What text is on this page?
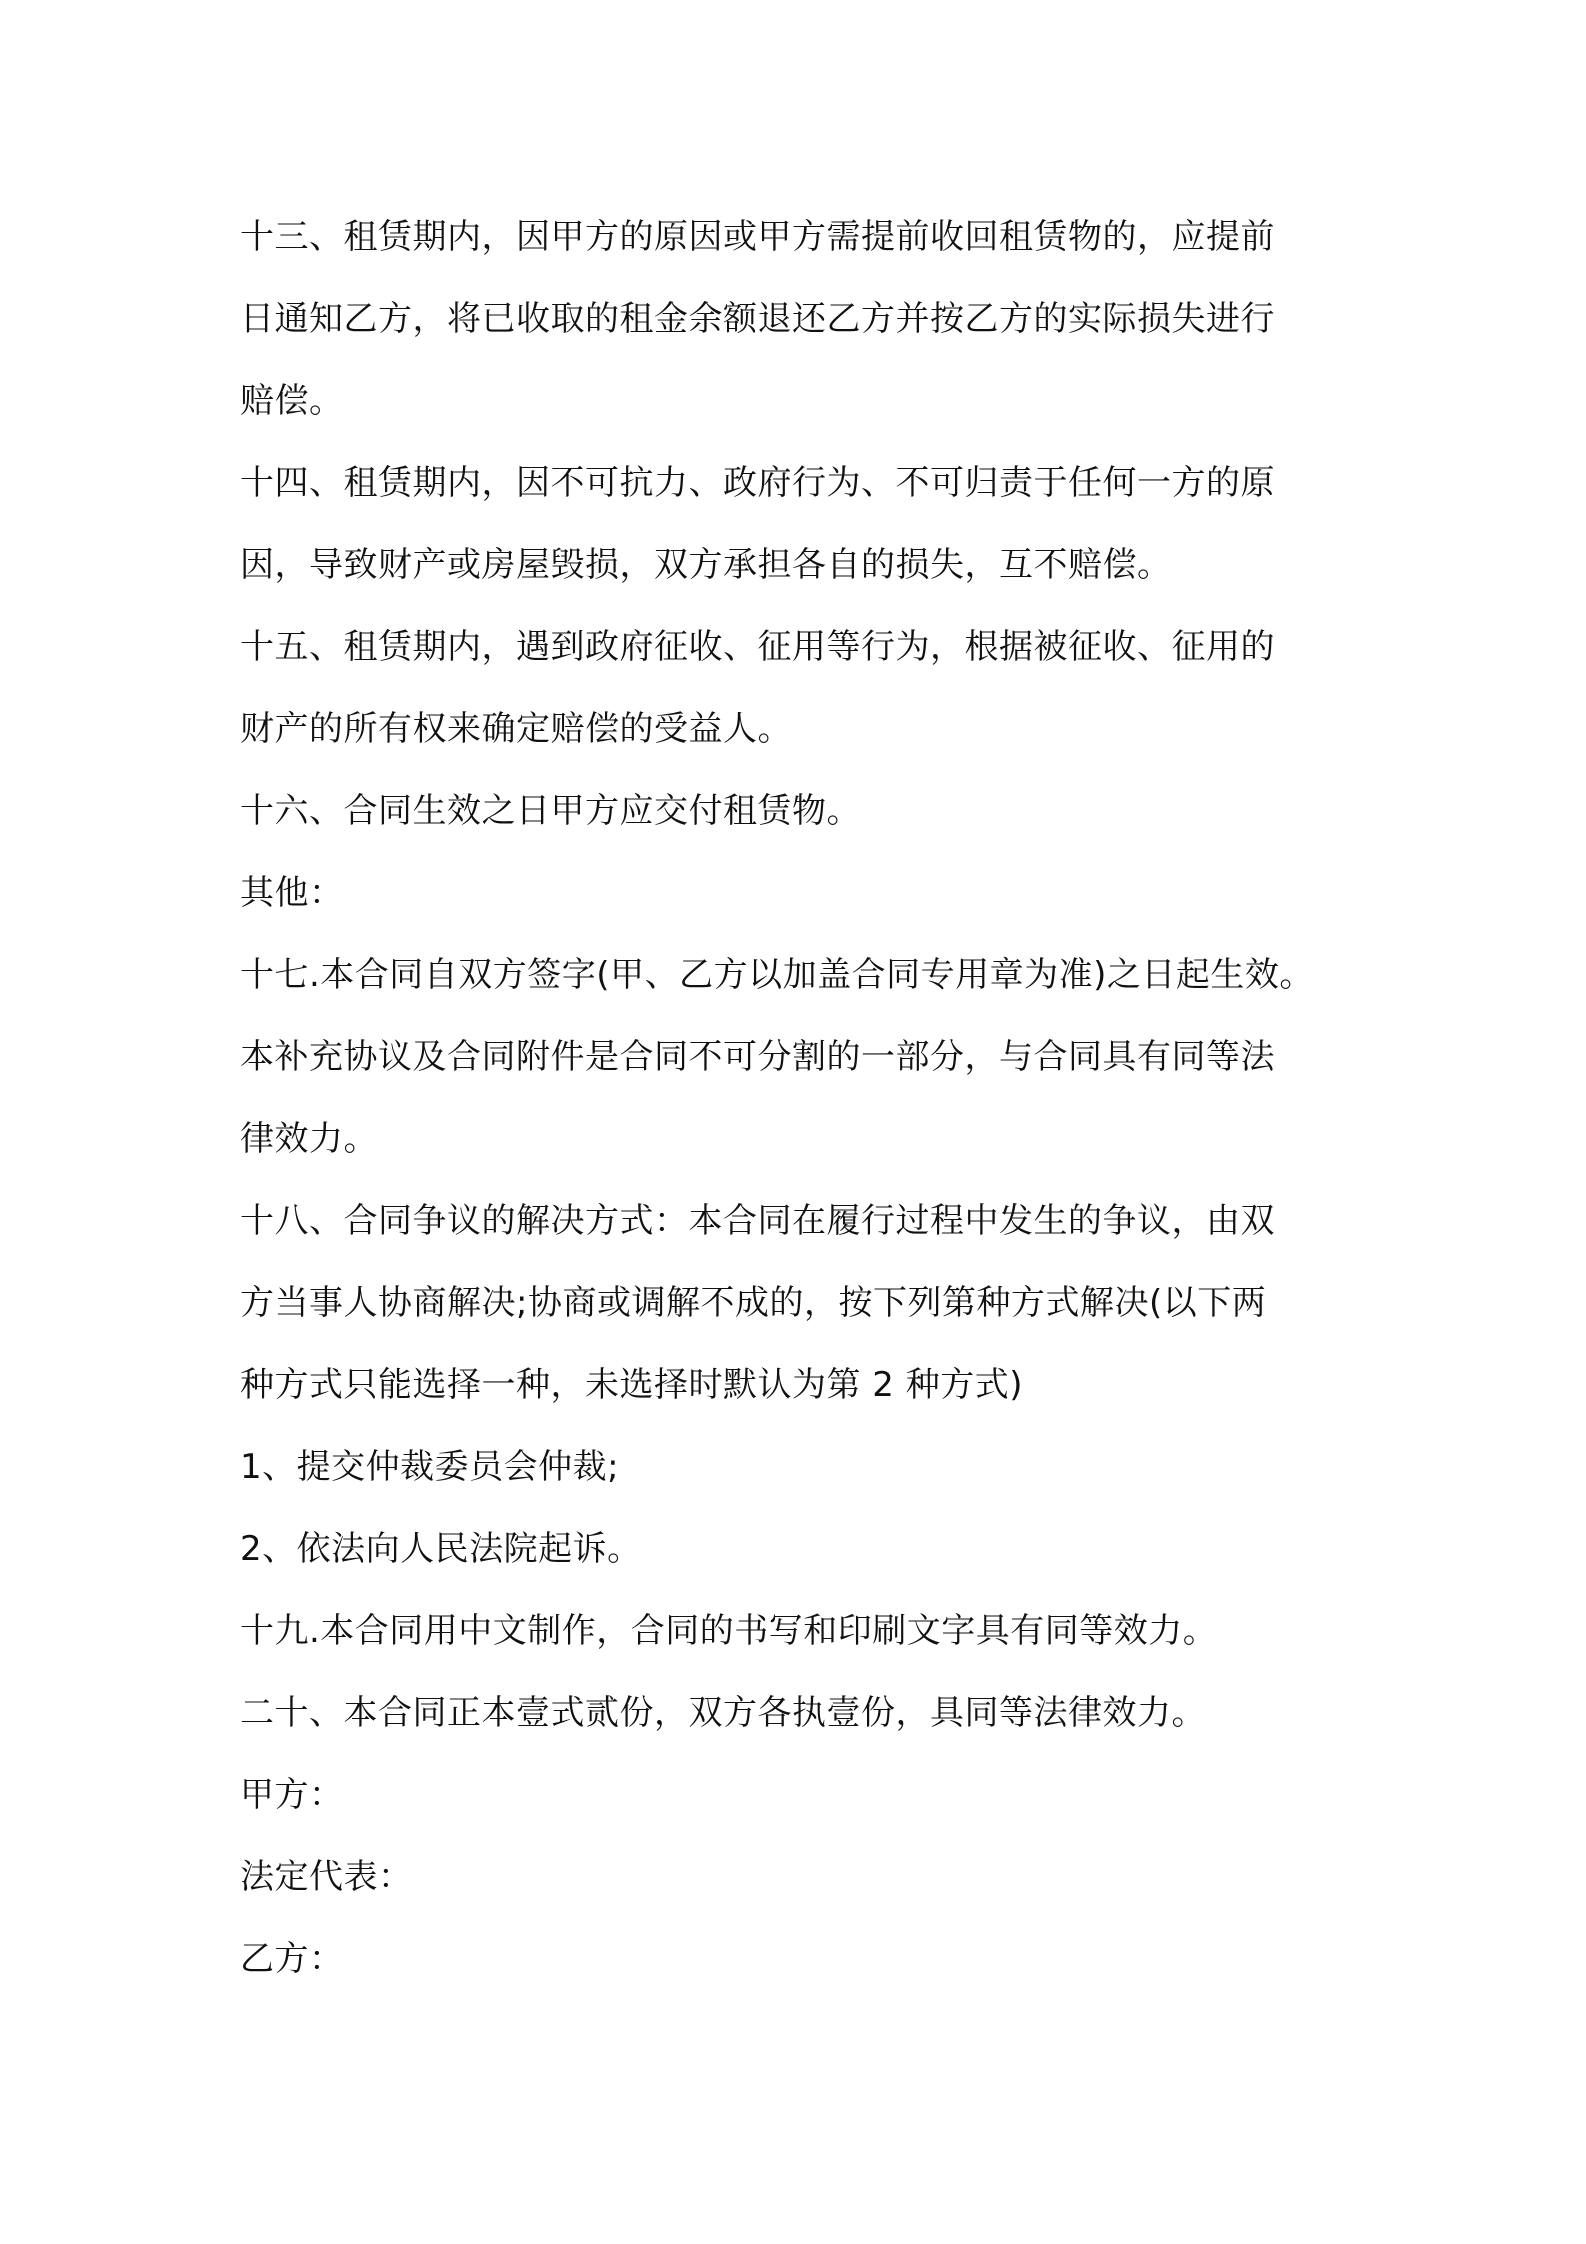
十三、租赁期内，因甲方的原因或甲方需提前收回租赁物的，应提前
日通知乙方，将已收取的租金余额退还乙方并按乙方的实际损失进行
赔偿。

十四、租赁期内，因不可抗力、政府行为、不可归责于任何一方的原
因，导致财产或房屋毁损，双方承担各自的损失，互不赔偿。

十五、租赁期内，遇到政府征收、征用等行为，根据被征收、征用的
财产的所有权来确定赔偿的受益人。

十六、合同生效之日甲方应交付租赁物。

其他：

十七.本合同自双方签字(甲、乙方以加盖合同专用章为准)之日起生效。
本补充协议及合同附件是合同不可分割的一部分，与合同具有同等法
律效力。

十八、合同争议的解决方式：本合同在履行过程中发生的争议，由双
方当事人协商解决;协商或调解不成的，按下列第种方式解决(以下两
种方式只能选择一种，未选择时默认为第 2 种方式)

1、提交仲裁委员会仲裁;

2、依法向人民法院起诉。

十九.本合同用中文制作，合同的书写和印刷文字具有同等效力。

二十、本合同正本壹式贰份，双方各执壹份，具同等法律效力。

甲方：

法定代表：

乙方：
